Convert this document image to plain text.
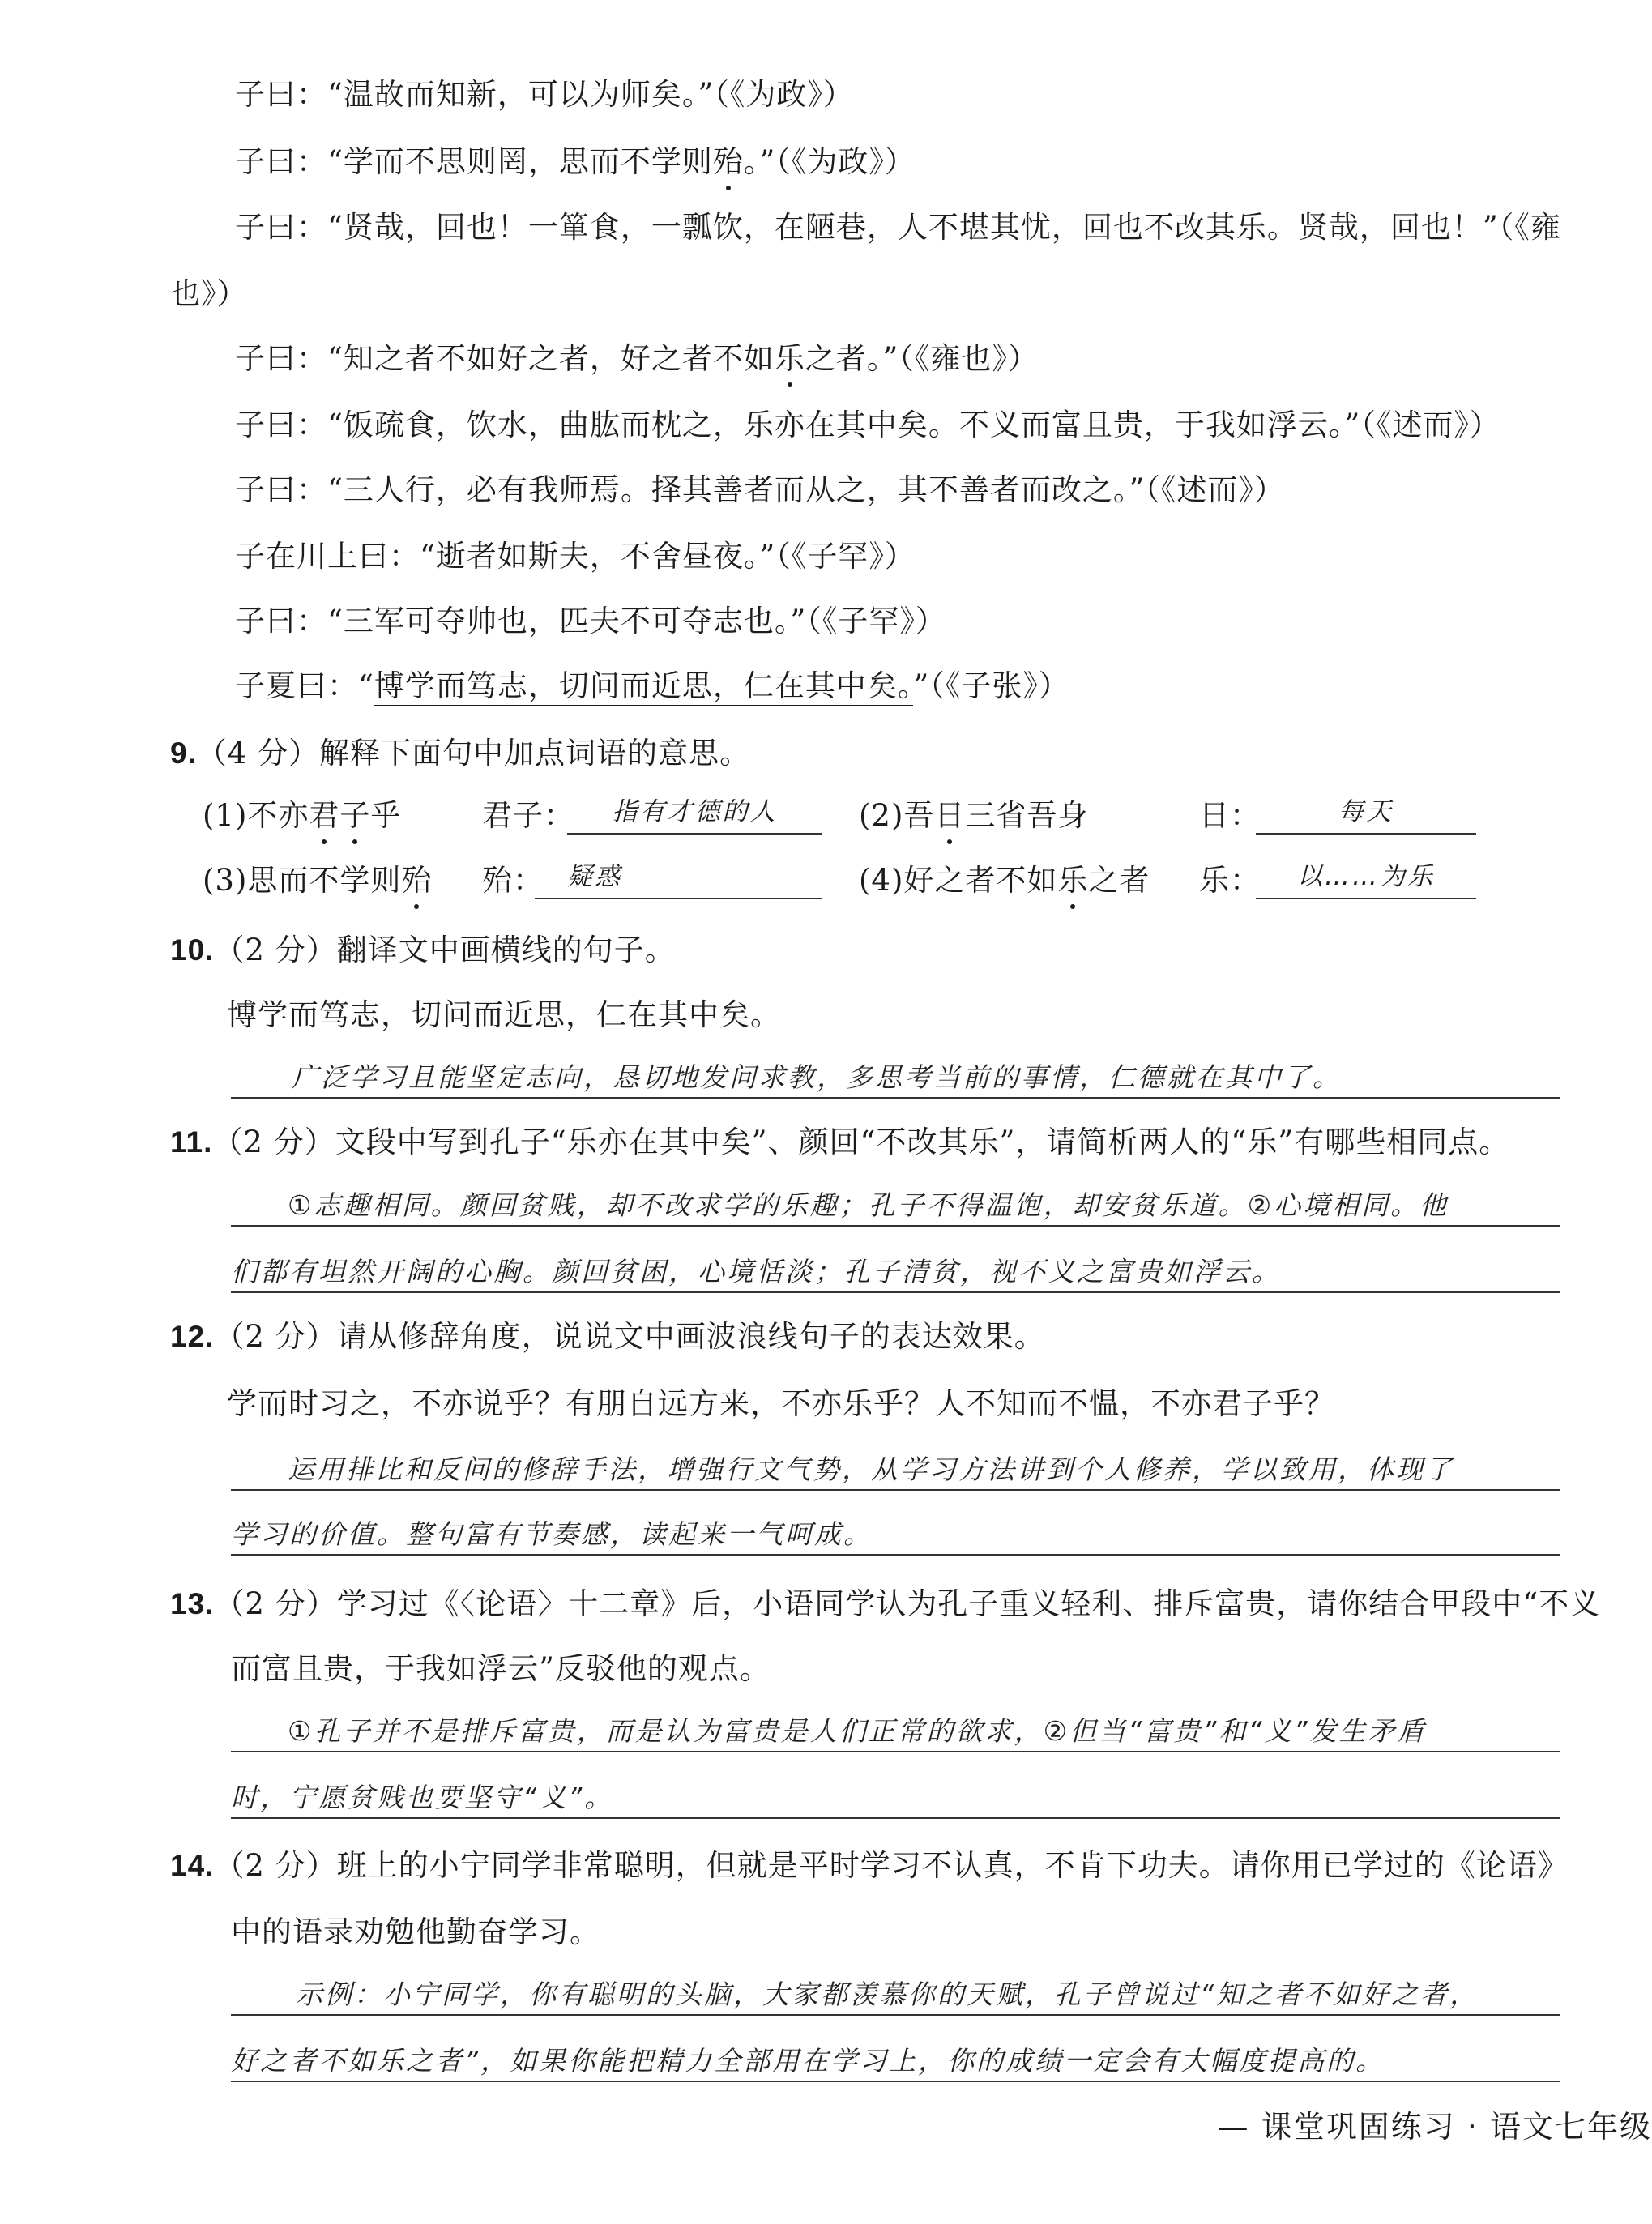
子曰：“温故而知新，可以为师矣。”（《为政》）
子曰：“学而不思则罔，思而不学则殆。”（《为政》）
子曰：“贤哉，回也！一箪食，一瓢饮，在陋巷，人不堪其忧，回也不改其乐。贤哉，回也！”（《雍
也》）
子曰：“知之者不如好之者，好之者不如乐之者。”（《雍也》）
子曰：“饭疏食，饮水，曲肱而枕之，乐亦在其中矣。不义而富且贵，于我如浮云。”（《述而》）
子曰：“三人行，必有我师焉。择其善者而从之，其不善者而改之。”（《述而》）
子在川上曰：“逝者如斯夫，不舍昼夜。”（《子罕》）
子曰：“三军可夺帅也，匹夫不可夺志也。”（《子罕》）
子夏曰：“博学而笃志，切问而近思，仁在其中矣。”（《子张》）
9.（4 分）解释下面句中加点词语的意思。
(1)不亦君子乎	君子：	指有才德的人	(2)吾日三省吾身	日：	每天
(3)思而不学则殆 殆： 疑惑	(4)好之者不如乐之者 乐：	以……为乐
10.（2 分）翻译文中画横线的句子。
博学而笃志，切问而近思，仁在其中矣。
广泛学习且能坚定志向，恳切地发问求教，多思考当前的事情，仁德就在其中了。
11.（2 分）文段中写到孔子“乐亦在其中矣”、颜回“不改其乐”，请简析两人的“乐”有哪些相同点。
①志趣相同。颜回贫贱，却不改求学的乐趣；孔子不得温饱，却安贫乐道。②心境相同。他
们都有坦然开阔的心胸。颜回贫困，心境恬淡；孔子清贫，视不义之富贵如浮云。
12.（2 分）请从修辞角度，说说文中画波浪线句子的表达效果。
学而时习之，不亦说乎？有朋自远方来，不亦乐乎？人不知而不愠，不亦君子乎？
运用排比和反问的修辞手法，增强行文气势，从学习方法讲到个人修养，学以致用，体现了
学习的价值。整句富有节奏感，读起来一气呵成。
13.（2 分）学习过《〈论语〉十二章》后，小语同学认为孔子重义轻利、排斥富贵，请你结合甲段中“不义
而富且贵，于我如浮云”反驳他的观点。
①孔子并不是排斥富贵，而是认为富贵是人们正常的欲求，②但当“富贵”和“义”发生矛盾
时，宁愿贫贱也要坚守“义”。
14.（2 分）班上的小宁同学非常聪明，但就是平时学习不认真，不肯下功夫。请你用已学过的《论语》
中的语录劝勉他勤奋学习。
示例：小宁同学，你有聪明的头脑，大家都羡慕你的天赋，孔子曾说过“知之者不如好之者，
好之者不如乐之者”，如果你能把精力全部用在学习上，你的成绩一定会有大幅度提高的。
— 课堂巩固练习 · 语文七年级
